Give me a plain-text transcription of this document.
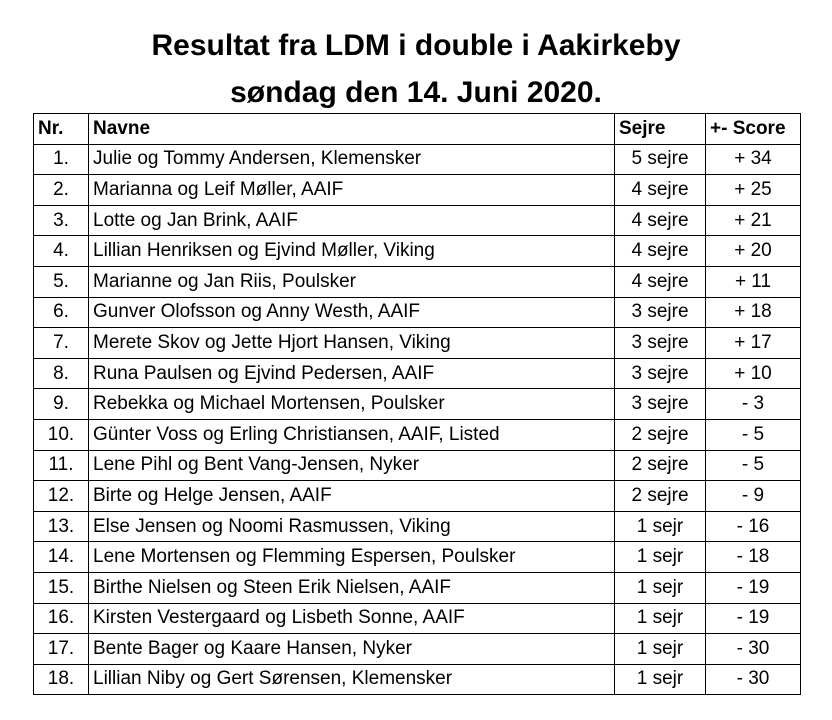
Resultat fra LDM i double i Aakirkeby
søndag den 14. Juni 2020.
Nr.	Navne	Sejre	+- Score
1.	Julie og Tommy Andersen, Klemensker	5 sejre	+ 34
2.	Marianna og Leif Møller, AAIF	4 sejre	+ 25
3.	Lotte og Jan Brink, AAIF	4 sejre	+ 21
4.	Lillian Henriksen og Ejvind Møller, Viking	4 sejre	+ 20
5.	Marianne og Jan Riis, Poulsker	4 sejre	+ 11
6.	Gunver Olofsson og Anny Westh, AAIF	3 sejre	+ 18
7.	Merete Skov og Jette Hjort Hansen, Viking	3 sejre	+ 17
8.	Runa Paulsen og Ejvind Pedersen, AAIF	3 sejre	+ 10
9.	Rebekka og Michael Mortensen, Poulsker	3 sejre	- 3
10.	Günter Voss og Erling Christiansen, AAIF, Listed	2 sejre	- 5
11.	Lene Pihl og Bent Vang-Jensen, Nyker	2 sejre	- 5
12.	Birte og Helge Jensen, AAIF	2 sejre	- 9
13.	Else Jensen og Noomi Rasmussen, Viking	1 sejr	- 16
14.	Lene Mortensen og Flemming Espersen, Poulsker	1 sejr	- 18
15.	Birthe Nielsen og Steen Erik Nielsen, AAIF	1 sejr	- 19
16.	Kirsten Vestergaard og Lisbeth Sonne, AAIF	1 sejr	- 19
17.	Bente Bager og Kaare Hansen, Nyker	1 sejr	- 30
18.	Lillian Niby og Gert Sørensen, Klemensker	1 sejr	- 30
